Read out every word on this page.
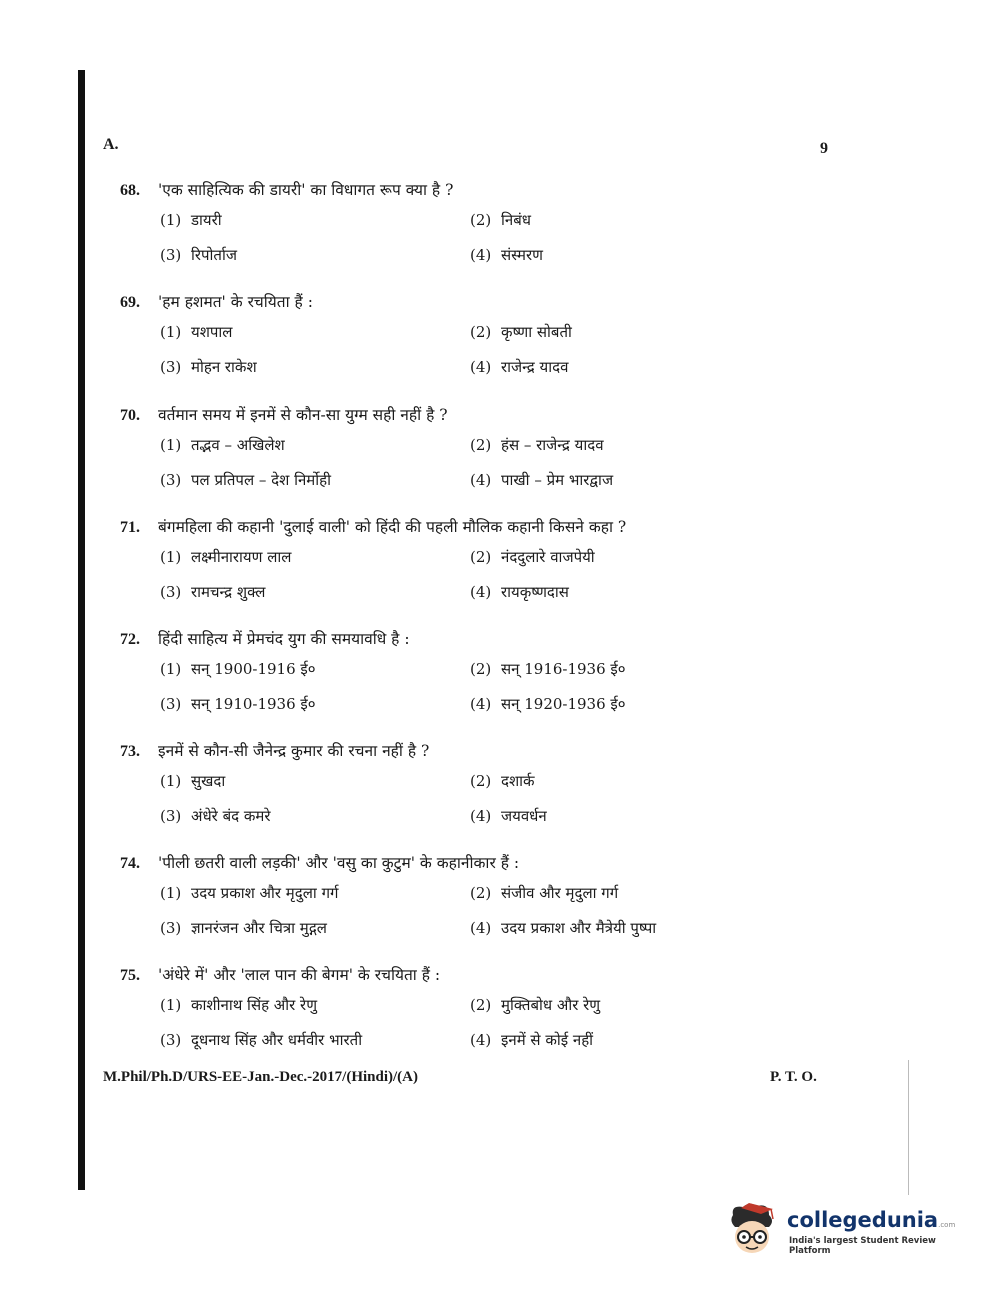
A.	9
68.	'एक साहित्यिक की डायरी' का विधागत रूप क्या है ?
(1) डायरी	(2) निबंध
(3) रिपोर्ताज	(4) संस्मरण
69.	'हम हशमत' के रचयिता हैं :
(1) यशपाल	(2) कृष्णा सोबती
(3) मोहन राकेश	(4) राजेन्द्र यादव
70.	वर्तमान समय में इनमें से कौन-सा युग्म सही नहीं है ?
(1) तद्भव – अखिलेश	(2) हंस – राजेन्द्र यादव
(3) पल प्रतिपल – देश निर्मोही	(4) पाखी – प्रेम भारद्वाज
71.	बंगमहिला की कहानी 'दुलाई वाली' को हिंदी की पहली मौलिक कहानी किसने कहा ?
(1) लक्ष्मीनारायण लाल	(2) नंददुलारे वाजपेयी
(3) रामचन्द्र शुक्ल	(4) रायकृष्णदास
72.	हिंदी साहित्य में प्रेमचंद युग की समयावधि है :
(1) सन् 1900-1916 ई०	(2) सन् 1916-1936 ई०
(3) सन् 1910-1936 ई०	(4) सन् 1920-1936 ई०
73.	इनमें से कौन-सी जैनेन्द्र कुमार की रचना नहीं है ?
(1) सुखदा	(2) दशार्क
(3) अंधेरे बंद कमरे	(4) जयवर्धन
74.	'पीली छतरी वाली लड़की' और 'वसु का कुटुम' के कहानीकार हैं :
(1) उदय प्रकाश और मृदुला गर्ग	(2) संजीव और मृदुला गर्ग
(3) ज्ञानरंजन और चित्रा मुद्गल	(4) उदय प्रकाश और मैत्रेयी पुष्पा
75.	'अंधेरे में' और 'लाल पान की बेगम' के रचयिता हैं :
(1) काशीनाथ सिंह और रेणु	(2) मुक्तिबोध और रेणु
(3) दूधनाथ सिंह और धर्मवीर भारती	(4) इनमें से कोई नहीं
M.Phil/Ph.D/URS-EE-Jan.-Dec.-2017/(Hindi)/(A)	P. T. O.
collegedunia.com
India's largest Student Review Platform
